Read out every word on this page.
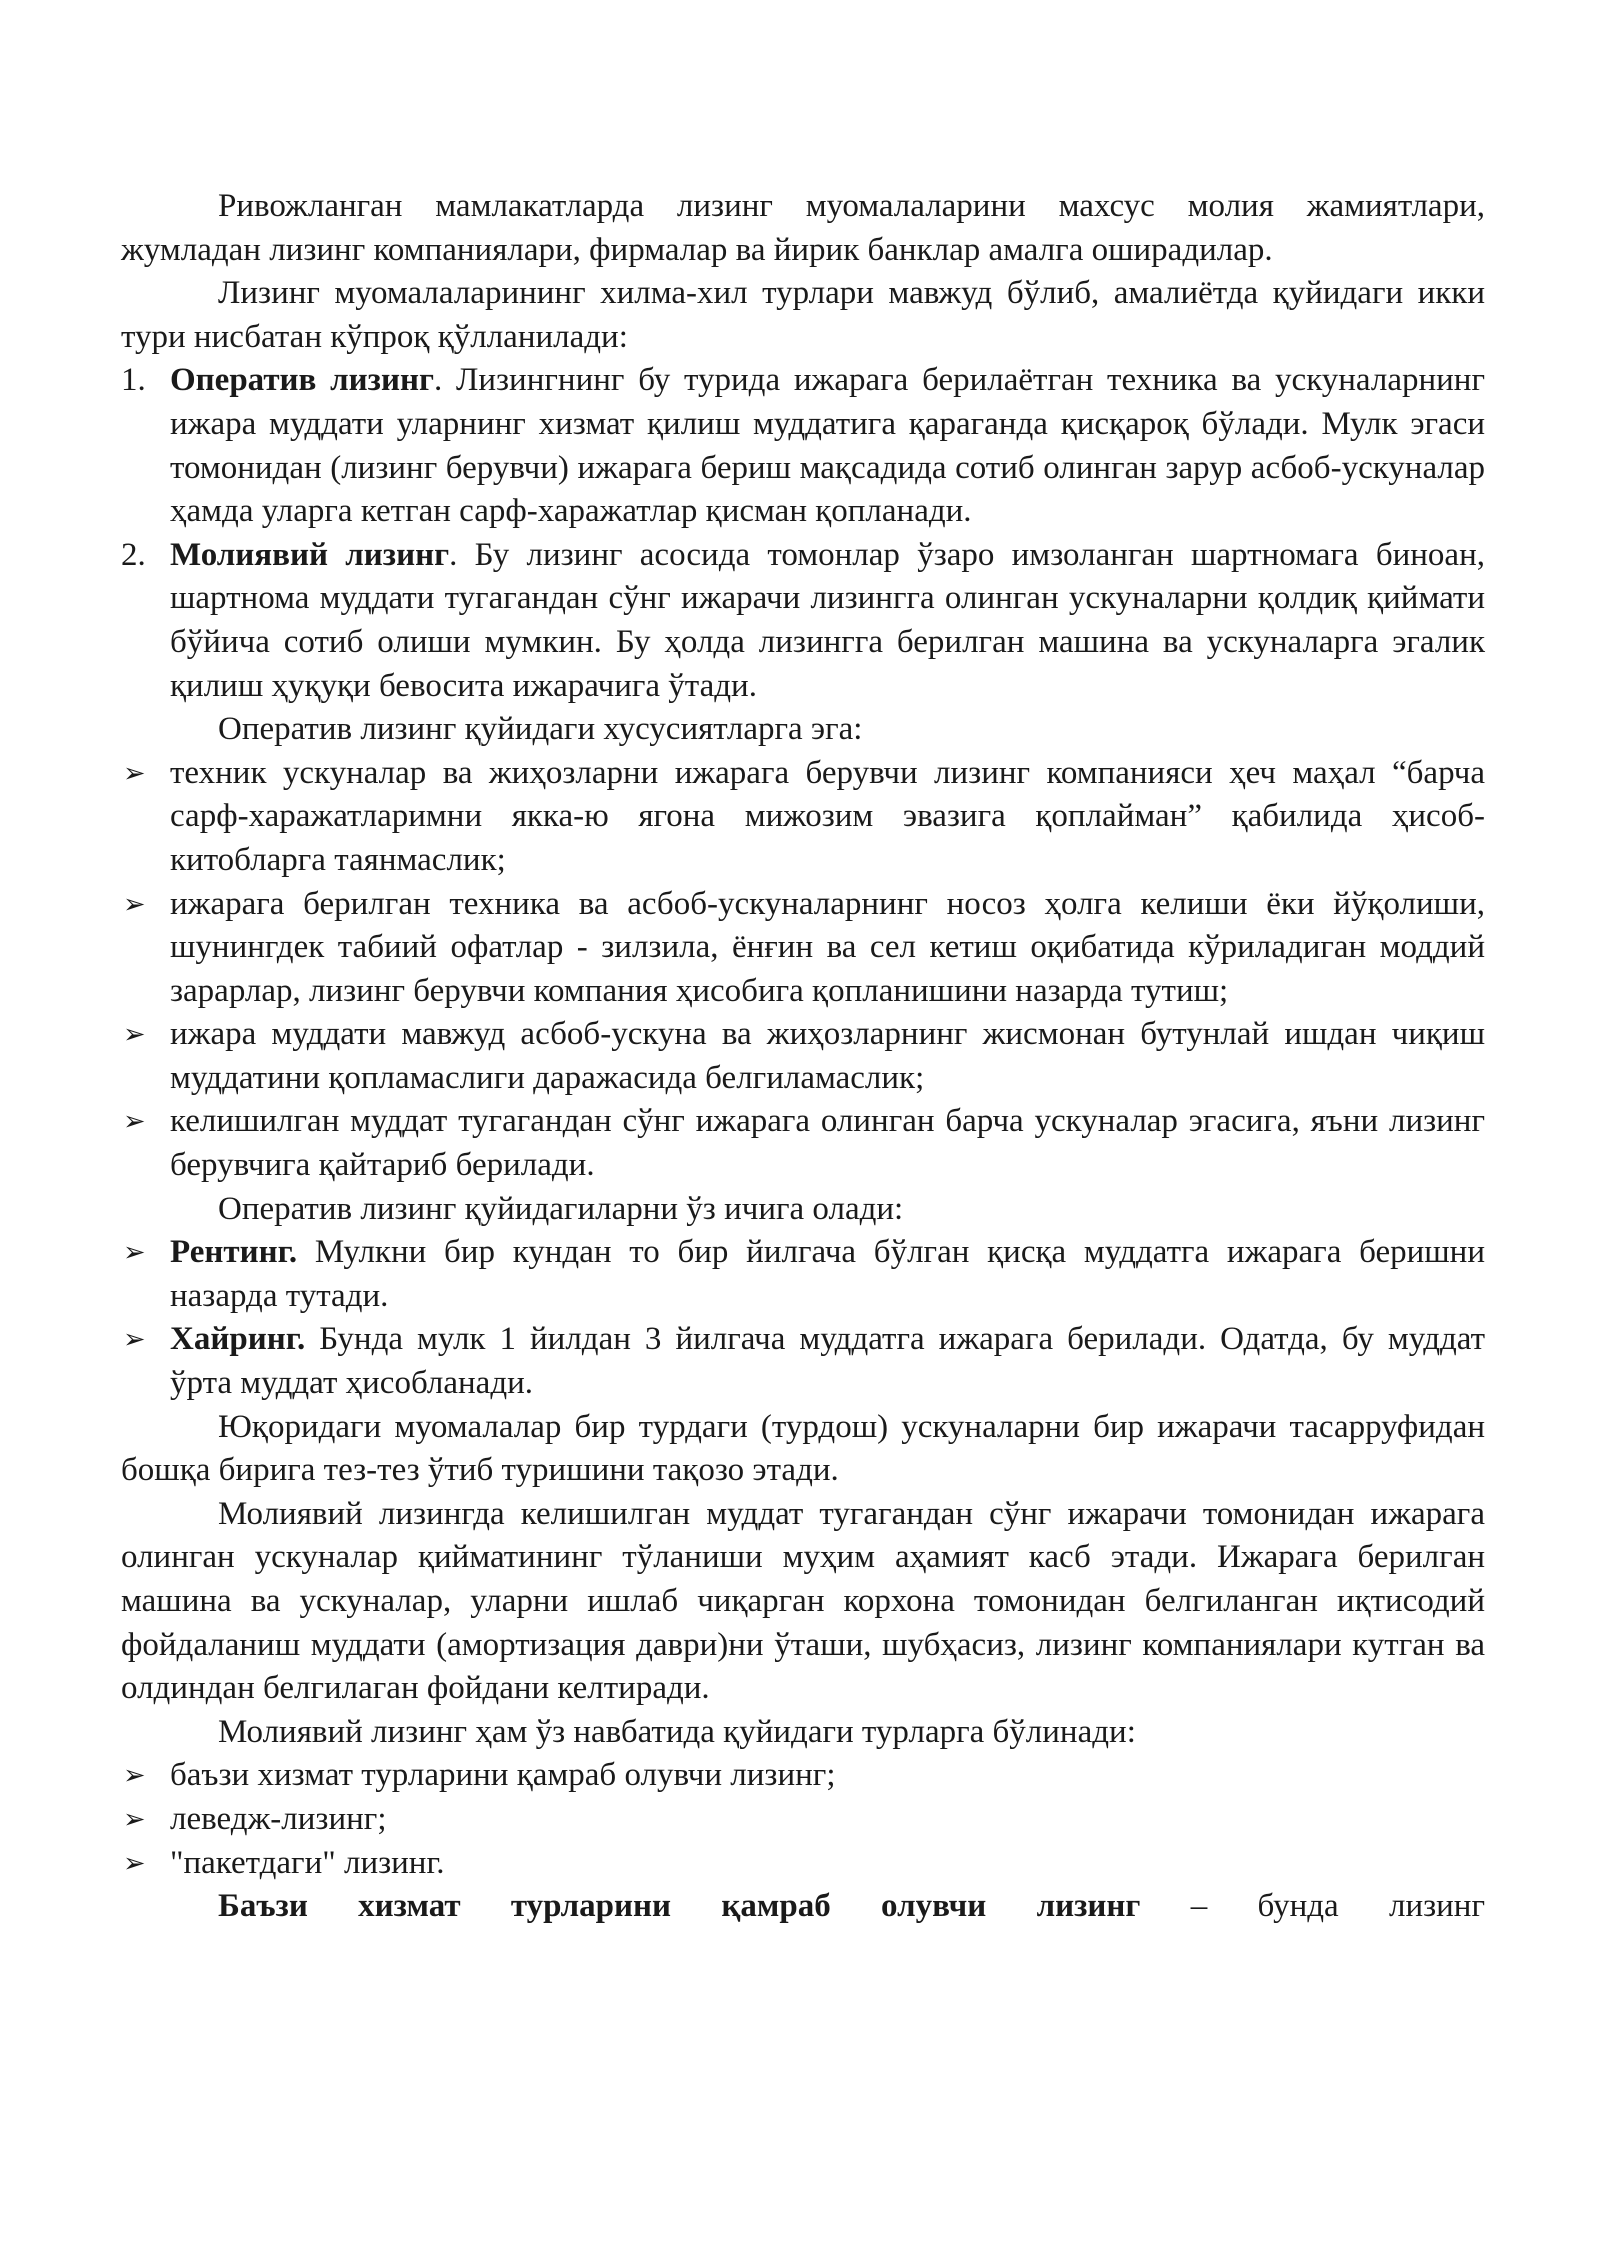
Ривожланган мамлакатларда лизинг муомалаларини махсус молия жамиятлари, жумладан лизинг компаниялари, фирмалар ва йирик банклар амалга оширадилар.

Лизинг муомалаларининг хилма-хил турлари мавжуд бўлиб, амалиётда қуйидаги икки тури нисбатан кўпроқ қўлланилади:

1. Оператив лизинг. Лизингнинг бу турида ижарага берилаётган техника ва ускуналарнинг ижара муддати уларнинг хизмат қилиш муддатига қараганда қисқароқ бўлади. Мулк эгаси томонидан (лизинг берувчи) ижарага бериш мақсадида сотиб олинган зарур асбоб-ускуналар ҳамда уларга кетган сарф-харажатлар қисман қопланади.
2. Молиявий лизинг. Бу лизинг асосида томонлар ўзаро имзоланган шартномага биноан, шартнома муддати тугагандан сўнг ижарачи лизингга олинган ускуналарни қолдиқ қиймати бўйича сотиб олиши мумкин. Бу ҳолда лизингга берилган машина ва ускуналарга эгалик қилиш ҳуқуқи бевосита ижарачига ўтади.

Оператив лизинг қуйидаги хусусиятларга эга:

➢ техник ускуналар ва жиҳозларни ижарага берувчи лизинг компанияси ҳеч маҳал “барча сарф-харажатларимни якка-ю ягона мижозим эвазига қоплайман” қабилида ҳисоб-китобларга таянмаслик;
➢ ижарага берилган техника ва асбоб-ускуналарнинг носоз ҳолга келиши ёки йўқолиши, шунингдек табиий офатлар - зилзила, ёнғин ва сел кетиш оқибатида кўриладиган моддий зарарлар, лизинг берувчи компания ҳисобига қопланишини назарда тутиш;
➢ ижара муддати мавжуд асбоб-ускуна ва жиҳозларнинг жисмонан бутунлай ишдан чиқиш муддатини қопламаслиги даражасида белгиламаслик;
➢ келишилган муддат тугагандан сўнг ижарага олинган барча ускуналар эгасига, яъни лизинг берувчига қайтариб берилади.

Оператив лизинг қуйидагиларни ўз ичига олади:

➢ Рентинг. Мулкни бир кундан то бир йилгача бўлган қисқа муддатга ижарага беришни назарда тутади.
➢ Хайринг. Бунда мулк 1 йилдан 3 йилгача муддатга ижарага берилади. Одатда, бу муддат ўрта муддат ҳисобланади.

Юқоридаги муомалалар бир турдаги (турдош) ускуналарни бир ижарачи тасарруфидан бошқа бирига тез-тез ўтиб туришини тақозо этади.

Молиявий лизингда келишилган муддат тугагандан сўнг ижарачи томонидан ижарага олинган ускуналар қийматининг тўланиши муҳим аҳамият касб этади. Ижарага берилган машина ва ускуналар, уларни ишлаб чиқарган корхона томонидан белгиланган иқтисодий фойдаланиш муддати (амортизация даври)ни ўташи, шубҳасиз, лизинг компаниялари кутган ва олдиндан белгилаган фойдани келтиради.

Молиявий лизинг ҳам ўз навбатида қуйидаги турларга бўлинади:

➢ баъзи хизмат турларини қамраб олувчи лизинг;
➢ леведж-лизинг;
➢ "пакетдаги" лизинг.

Баъзи хизмат турларини қамраб олувчи лизинг – бунда лизинг
